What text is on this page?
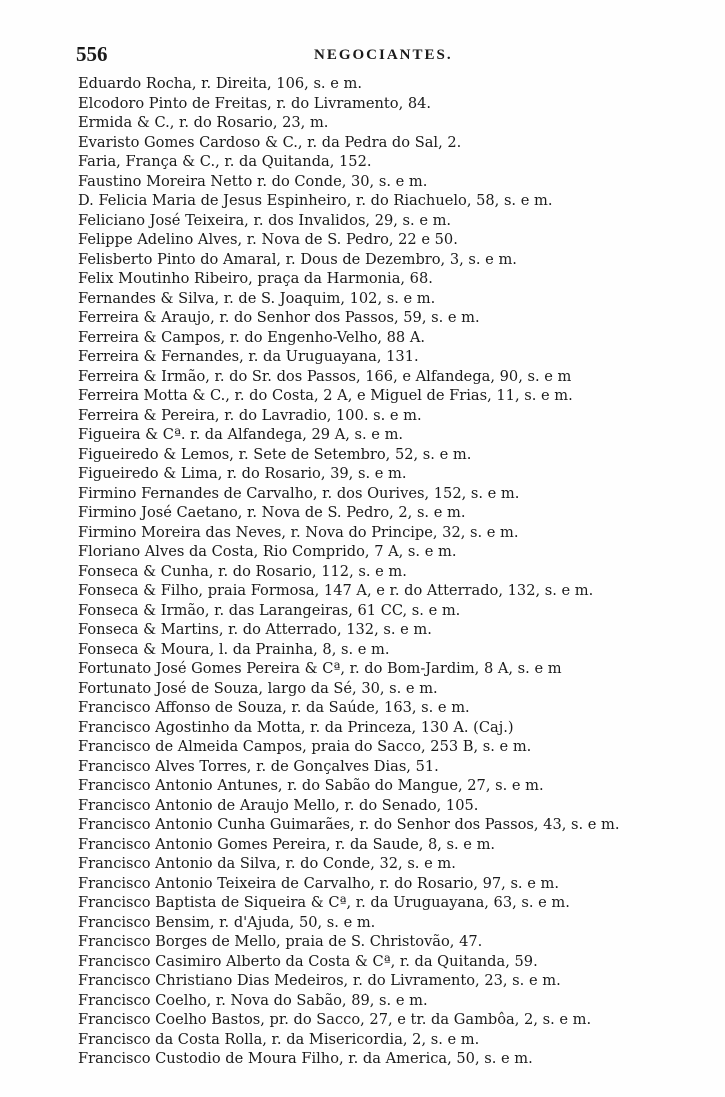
556	NEGOCIANTES.
Eduardo Rocha, r. Direita, 106, s. e m.
Elcodoro Pinto de Freitas, r. do Livramento, 84.
Ermida & C., r. do Rosario, 23, m.
Evaristo Gomes Cardoso & C., r. da Pedra do Sal, 2.
Faria, França & C., r. da Quitanda, 152.
Faustino Moreira Netto r. do Conde, 30, s. e m.
D. Felicia Maria de Jesus Espinheiro, r. do Riachuelo, 58, s. e m.
Feliciano José Teixeira, r. dos Invalidos, 29, s. e m.
Felippe Adelino Alves, r. Nova de S. Pedro, 22 e 50.
Felisberto Pinto do Amaral, r. Dous de Dezembro, 3, s. e m.
Felix Moutinho Ribeiro, praça da Harmonia, 68.
Fernandes & Silva, r. de S. Joaquim, 102, s. e m.
Ferreira & Araujo, r. do Senhor dos Passos, 59, s. e m.
Ferreira & Campos, r. do Engenho-Velho, 88 A.
Ferreira & Fernandes, r. da Uruguayana, 131.
Ferreira & Irmão, r. do Sr. dos Passos, 166, e Alfandega, 90, s. e m
Ferreira Motta & C., r. do Costa, 2 A, e Miguel de Frias, 11, s. e m.
Ferreira & Pereira, r. do Lavradio, 100. s. e m.
Figueira & Cª. r. da Alfandega, 29 A, s. e m.
Figueiredo & Lemos, r. Sete de Setembro, 52, s. e m.
Figueiredo & Lima, r. do Rosario, 39, s. e m.
Firmino Fernandes de Carvalho, r. dos Ourives, 152, s. e m.
Firmino José Caetano, r. Nova de S. Pedro, 2, s. e m.
Firmino Moreira das Neves, r. Nova do Principe, 32, s. e m.
Floriano Alves da Costa, Rio Comprido, 7 A, s. e m.
Fonseca & Cunha, r. do Rosario, 112, s. e m.
Fonseca & Filho, praia Formosa, 147 A, e r. do Atterrado, 132, s. e m.
Fonseca & Irmão, r. das Larangeiras, 61 CC, s. e m.
Fonseca & Martins, r. do Atterrado, 132, s. e m.
Fonseca & Moura, l. da Prainha, 8, s. e m.
Fortunato José Gomes Pereira & Cª, r. do Bom-Jardim, 8 A, s. e m
Fortunato José de Souza, largo da Sé, 30, s. e m.
Francisco Affonso de Souza, r. da Saúde, 163, s. e m.
Francisco Agostinho da Motta, r. da Princeza, 130 A. (Caj.)
Francisco de Almeida Campos, praia do Sacco, 253 B, s. e m.
Francisco Alves Torres, r. de Gonçalves Dias, 51.
Francisco Antonio Antunes, r. do Sabão do Mangue, 27, s. e m.
Francisco Antonio de Araujo Mello, r. do Senado, 105.
Francisco Antonio Cunha Guimarães, r. do Senhor dos Passos, 43, s. e m.
Francisco Antonio Gomes Pereira, r. da Saude, 8, s. e m.
Francisco Antonio da Silva, r. do Conde, 32, s. e m.
Francisco Antonio Teixeira de Carvalho, r. do Rosario, 97, s. e m.
Francisco Baptista de Siqueira & Cª, r. da Uruguayana, 63, s. e m.
Francisco Bensim, r. d'Ajuda, 50, s. e m.
Francisco Borges de Mello, praia de S. Christovão, 47.
Francisco Casimiro Alberto da Costa & Cª, r. da Quitanda, 59.
Francisco Christiano Dias Medeiros, r. do Livramento, 23, s. e m.
Francisco Coelho, r. Nova do Sabão, 89, s. e m.
Francisco Coelho Bastos, pr. do Sacco, 27, e tr. da Gambôa, 2, s. e m.
Francisco da Costa Rolla, r. da Misericordia, 2, s. e m.
Francisco Custodio de Moura Filho, r. da America, 50, s. e m.
